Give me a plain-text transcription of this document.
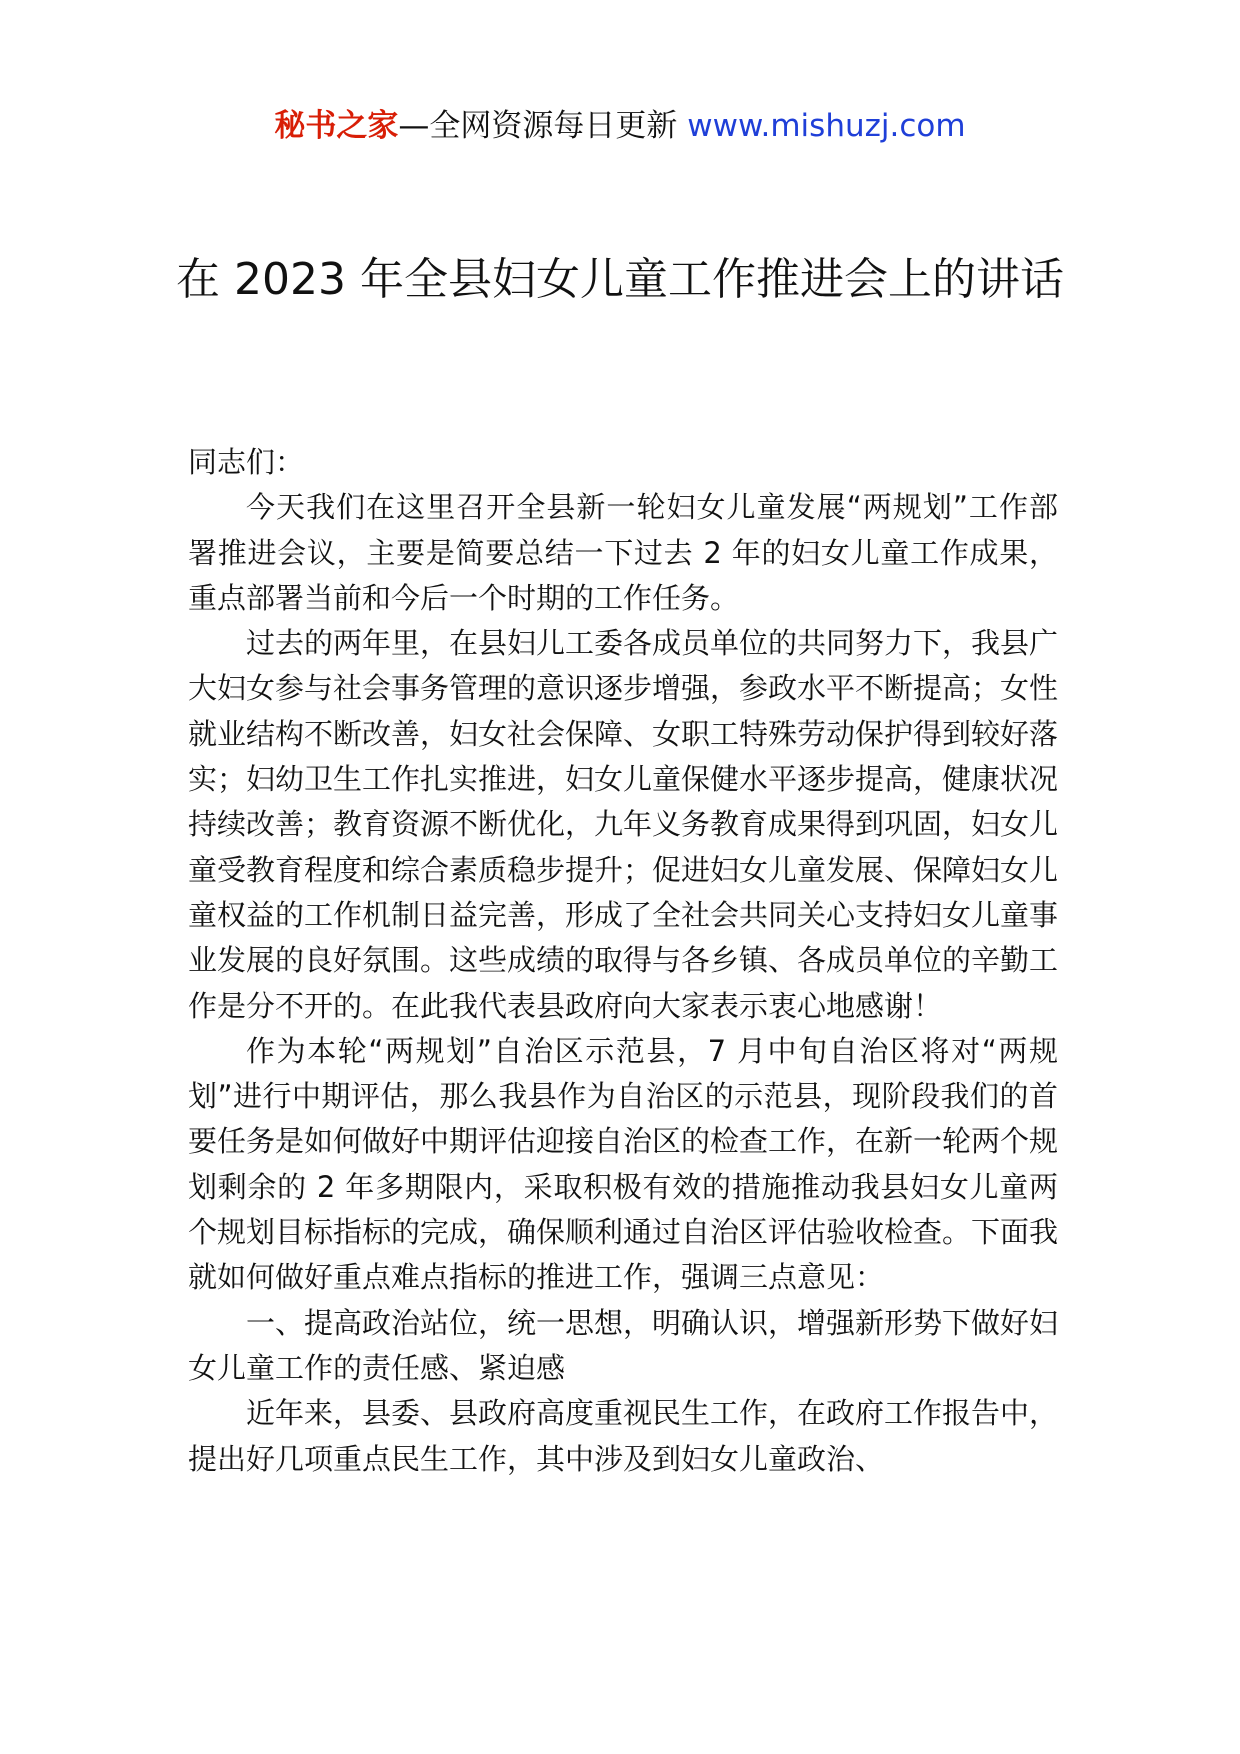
秘书之家—全网资源每日更新 www.mishuzj.com
在 2023 年全县妇女儿童工作推进会上的讲话

同志们：

今天我们在这里召开全县新一轮妇女儿童发展“两规划”工作部署推进会议，主要是简要总结一下过去 2 年的妇女儿童工作成果，重点部署当前和今后一个时期的工作任务。

过去的两年里，在县妇儿工委各成员单位的共同努力下，我县广大妇女参与社会事务管理的意识逐步增强，参政水平不断提高；女性就业结构不断改善，妇女社会保障、女职工特殊劳动保护得到较好落实；妇幼卫生工作扎实推进，妇女儿童保健水平逐步提高，健康状况持续改善；教育资源不断优化，九年义务教育成果得到巩固，妇女儿童受教育程度和综合素质稳步提升；促进妇女儿童发展、保障妇女儿童权益的工作机制日益完善，形成了全社会共同关心支持妇女儿童事业发展的良好氛围。这些成绩的取得与各乡镇、各成员单位的辛勤工作是分不开的。在此我代表县政府向大家表示衷心地感谢！

作为本轮“两规划”自治区示范县，7 月中旬自治区将对“两规划”进行中期评估，那么我县作为自治区的示范县，现阶段我们的首要任务是如何做好中期评估迎接自治区的检查工作，在新一轮两个规划剩余的 2 年多期限内，采取积极有效的措施推动我县妇女儿童两个规划目标指标的完成，确保顺利通过自治区评估验收检查。下面我就如何做好重点难点指标的推进工作，强调三点意见：

一、提高政治站位，统一思想，明确认识，增强新形势下做好妇女儿童工作的责任感、紧迫感

近年来，县委、县政府高度重视民生工作，在政府工作报告中，提出好几项重点民生工作，其中涉及到妇女儿童政治、
